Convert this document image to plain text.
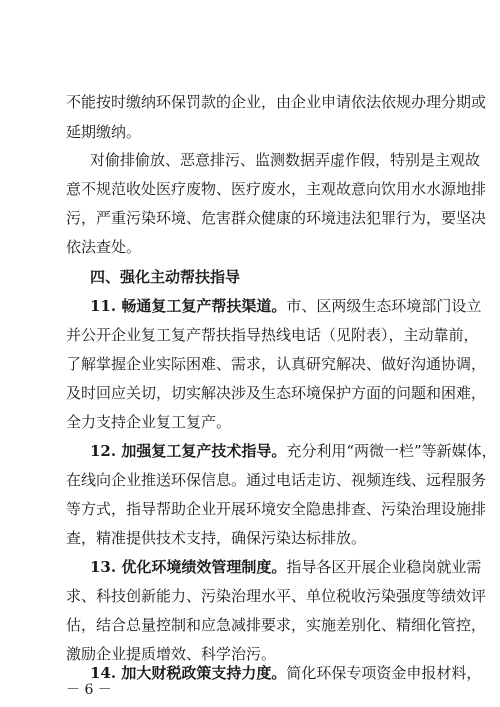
不能按时缴纳环保罚款的企业，由企业申请依法依规办理分期或
延期缴纳。
对偷排偷放、恶意排污、监测数据弄虚作假，特别是主观故
意不规范收处医疗废物、医疗废水，主观故意向饮用水水源地排
污，严重污染环境、危害群众健康的环境违法犯罪行为，要坚决
依法查处。
四、强化主动帮扶指导
11. 畅通复工复产帮扶渠道。市、区两级生态环境部门设立
并公开企业复工复产帮扶指导热线电话（见附表），主动靠前，
了解掌握企业实际困难、需求，认真研究解决、做好沟通协调，
及时回应关切，切实解决涉及生态环境保护方面的问题和困难，
全力支持企业复工复产。
12. 加强复工复产技术指导。充分利用“两微一栏”等新媒体，
在线向企业推送环保信息。通过电话走访、视频连线、远程服务
等方式，指导帮助企业开展环境安全隐患排查、污染治理设施排
查，精准提供技术支持，确保污染达标排放。
13. 优化环境绩效管理制度。指导各区开展企业稳岗就业需
求、科技创新能力、污染治理水平、单位税收污染强度等绩效评
估，结合总量控制和应急减排要求，实施差别化、精细化管控，
激励企业提质增效、科学治污。
14. 加大财税政策支持力度。简化环保专项资金申报材料，
－ 6 －
